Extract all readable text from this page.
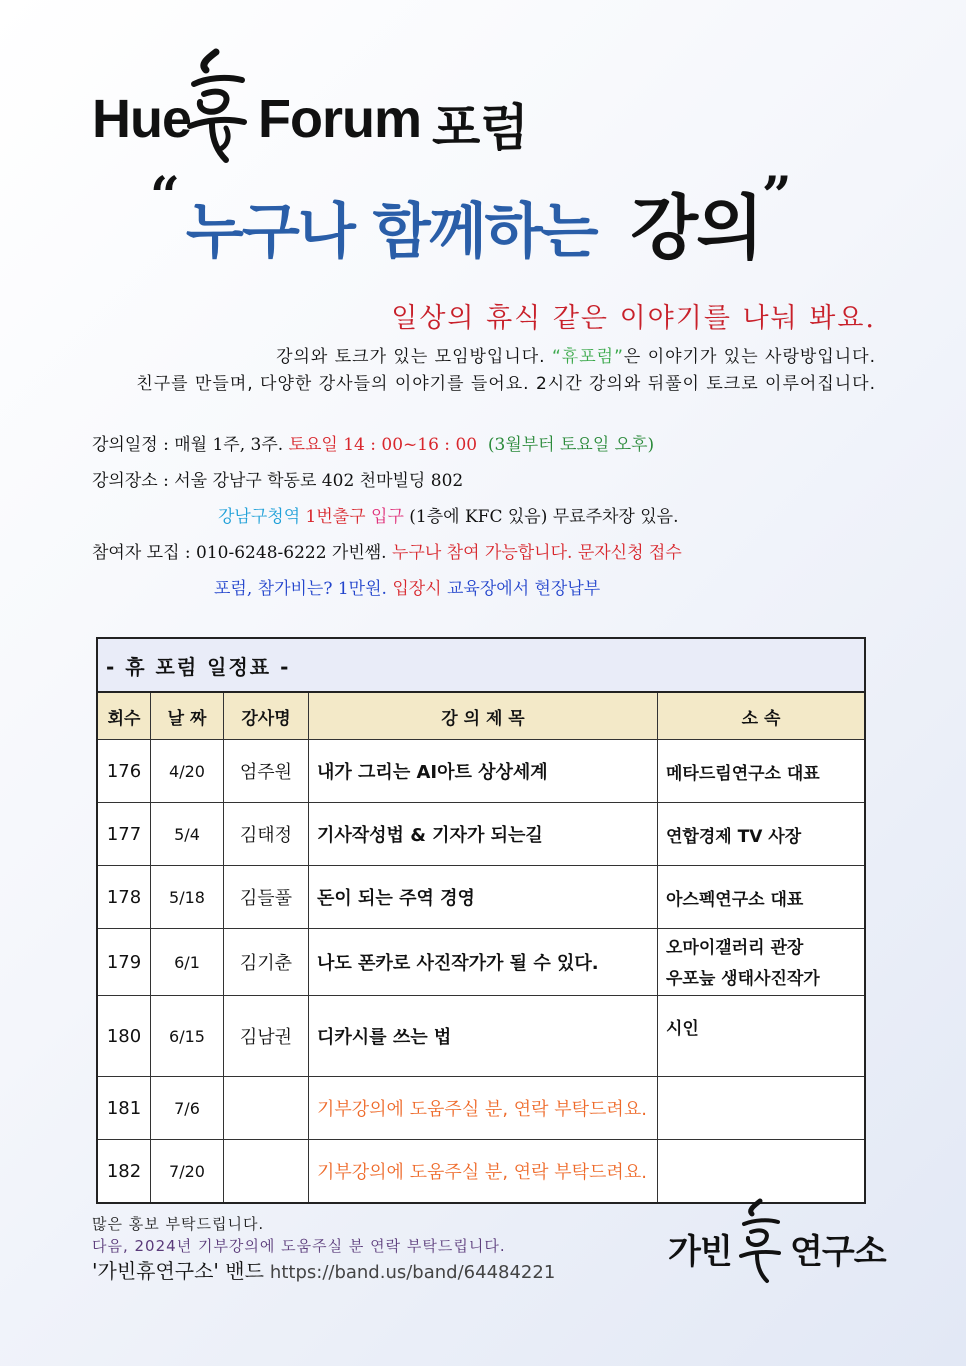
Hue Forum 포럼
“누구나 함께하는 강의”
일상의 휴식 같은 이야기를 나눠 봐요.
강의와 토크가 있는 모임방입니다. “휴포럼”은 이야기가 있는 사랑방입니다.
친구를 만들며, 다양한 강사들의 이야기를 들어요. 2시간 강의와 뒤풀이 토크로 이루어집니다.
강의일정 : 매월 1주, 3주. 토요일 14 : 00~16 : 00 (3월부터 토요일 오후)
강의장소 : 서울 강남구 학동로 402 천마빌딩 802
강남구청역 1번출구 입구 (1층에 KFC 있음) 무료주차장 있음.
참여자 모집 : 010-6248-6222 가빈쌤. 누구나 참여 가능합니다. 문자신청 접수
포럼, 참가비는? 1만원. 입장시 교육장에서 현장납부
- 휴 포럼 일정표 -				
회수	날 짜	강사명	강 의 제 목	소 속
176	4/20	엄주원	내가 그리는 AI아트 상상세계	메타드림연구소 대표

177	5/4	김태정	기사작성법 & 기자가 되는길	연합경제 TV 사장

178	5/18	김들풀	돈이 되는 주역 경영	아스펙연구소 대표

179	6/1	김기춘	나도 폰카로 사진작가가 될 수 있다.	오마이갤러리 관장
우포늪 생태사진작가

180	6/15	김남권	디카시를 쓰는 법	시인

181	7/6		기부강의에 도움주실 분, 연락 부탁드려요.	
182	7/20		기부강의에 도움주실 분, 연락 부탁드려요.	
많은 홍보 부탁드립니다.
다음, 2024년 기부강의에 도움주실 분 연락 부탁드립니다.
'가빈휴연구소' 밴드 https://band.us/band/64484221
가빈 연구소
